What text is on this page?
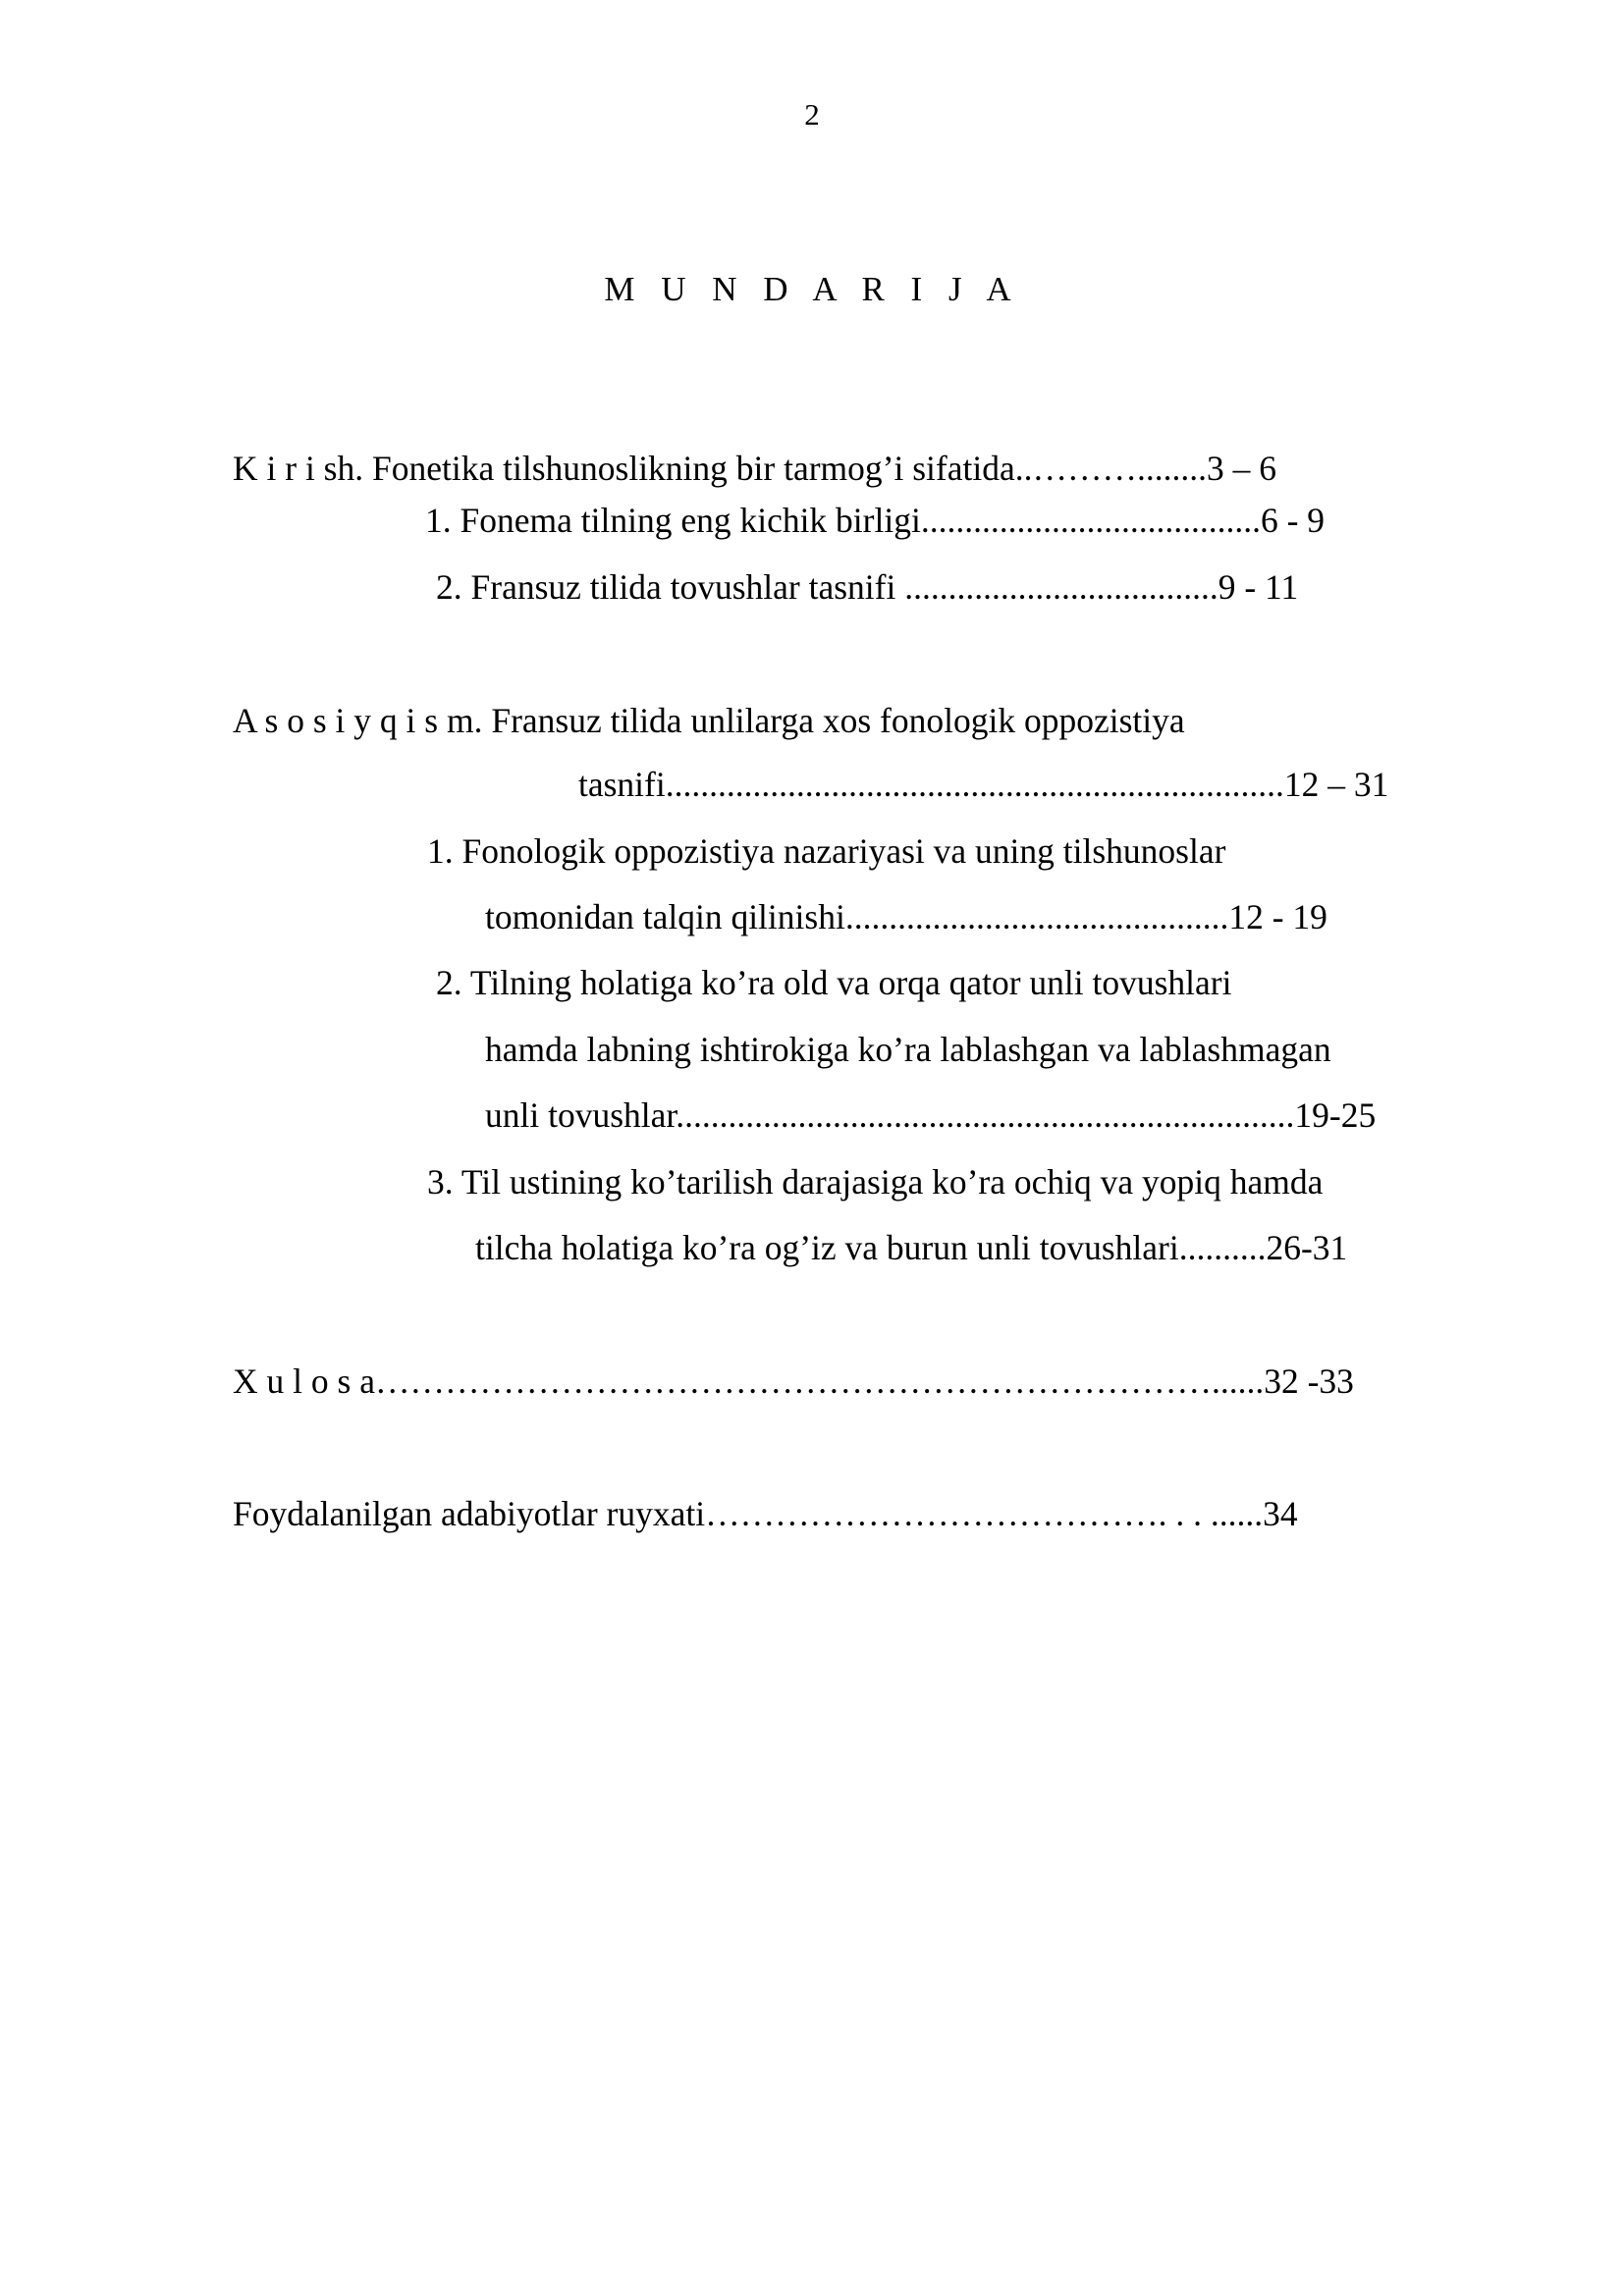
2
M U N D A R I J A
K i r i sh. Fonetika tilshunoslikning bir tarmog’i sifatida..………........3 – 6
1. Fonema tilning eng kichik birligi.......................................6 - 9
2. Fransuz tilida tovushlar tasnifi ....................................9 - 11
A s o s i y q i s m. Fransuz tilida unlilarga xos fonologik oppozistiya
tasnifi.......................................................................12 – 31
1. Fonologik oppozistiya nazariyasi va uning tilshunoslar
tomonidan talqin qilinishi............................................12 - 19
2. Tilning holatiga ko’ra old va orqa qator unli tovushlari
hamda labning ishtirokiga ko’ra lablashgan va lablashmagan
unli tovushlar.......................................................................19-25
3. Til ustining ko’tarilish darajasiga ko’ra ochiq va yopiq hamda
tilcha holatiga ko’ra og’iz va burun unli tovushlari..........26-31
X u l o s a………………………………………………………………......32 -33
Foydalanilgan adabiyotlar ruyxati…………………………………. . . ......34
